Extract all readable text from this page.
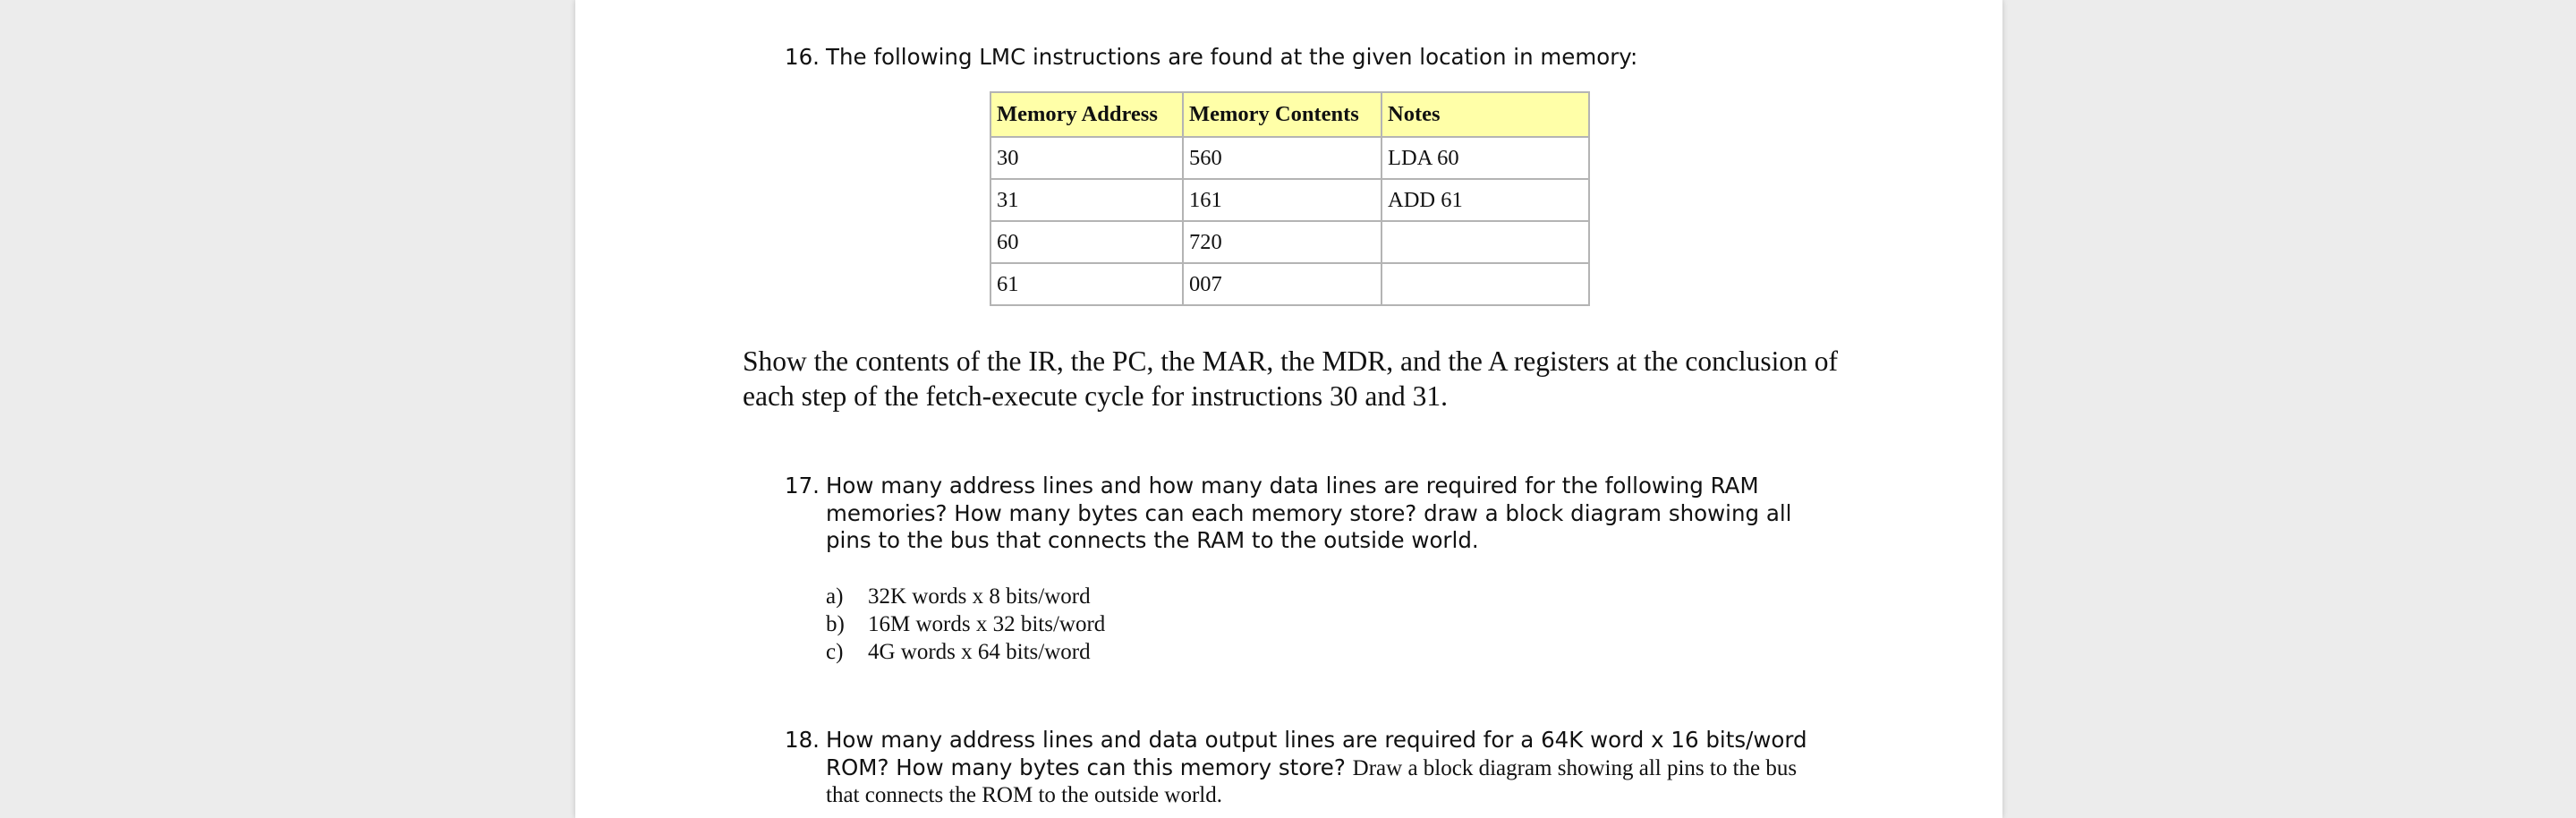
16. The following LMC instructions are found at the given location in memory:
Memory Address	Memory Contents	Notes
30	560	LDA 60
31	161	ADD 61
60	720	
61	007	
Show the contents of the IR, the PC, the MAR, the MDR, and the A registers at the conclusion of
each step of the fetch-execute cycle for instructions 30 and 31.
17. How many address lines and how many data lines are required for the following RAM
memories? How many bytes can each memory store? draw a block diagram showing all
pins to the bus that connects the RAM to the outside world.
a) 32K words x 8 bits/word
b) 16M words x 32 bits/word
c) 4G words x 64 bits/word
18. How many address lines and data output lines are required for a 64K word x 16 bits/word
ROM? How many bytes can this memory store? Draw a block diagram showing all pins to the bus
that connects the ROM to the outside world.
